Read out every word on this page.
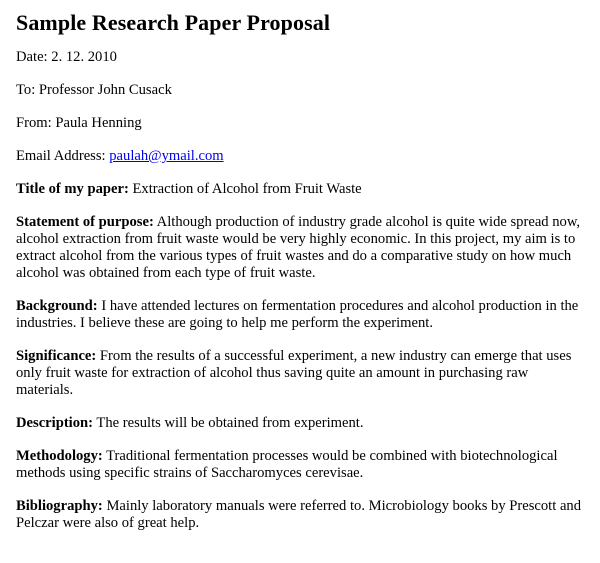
Sample Research Paper Proposal

Date: 2. 12. 2010

To: Professor John Cusack

From: Paula Henning

Email Address: paulah@ymail.com

Title of my paper: Extraction of Alcohol from Fruit Waste

Statement of purpose: Although production of industry grade alcohol is quite wide spread now, alcohol extraction from fruit waste would be very highly economic. In this project, my aim is to extract alcohol from the various types of fruit wastes and do a comparative study on how much alcohol was obtained from each type of fruit waste.

Background: I have attended lectures on fermentation procedures and alcohol production in the industries. I believe these are going to help me perform the experiment.

Significance: From the results of a successful experiment, a new industry can emerge that uses only fruit waste for extraction of alcohol thus saving quite an amount in purchasing raw materials.

Description: The results will be obtained from experiment.

Methodology: Traditional fermentation processes would be combined with biotechnological methods using specific strains of Saccharomyces cerevisae.

Bibliography: Mainly laboratory manuals were referred to. Microbiology books by Prescott and Pelczar were also of great help.
